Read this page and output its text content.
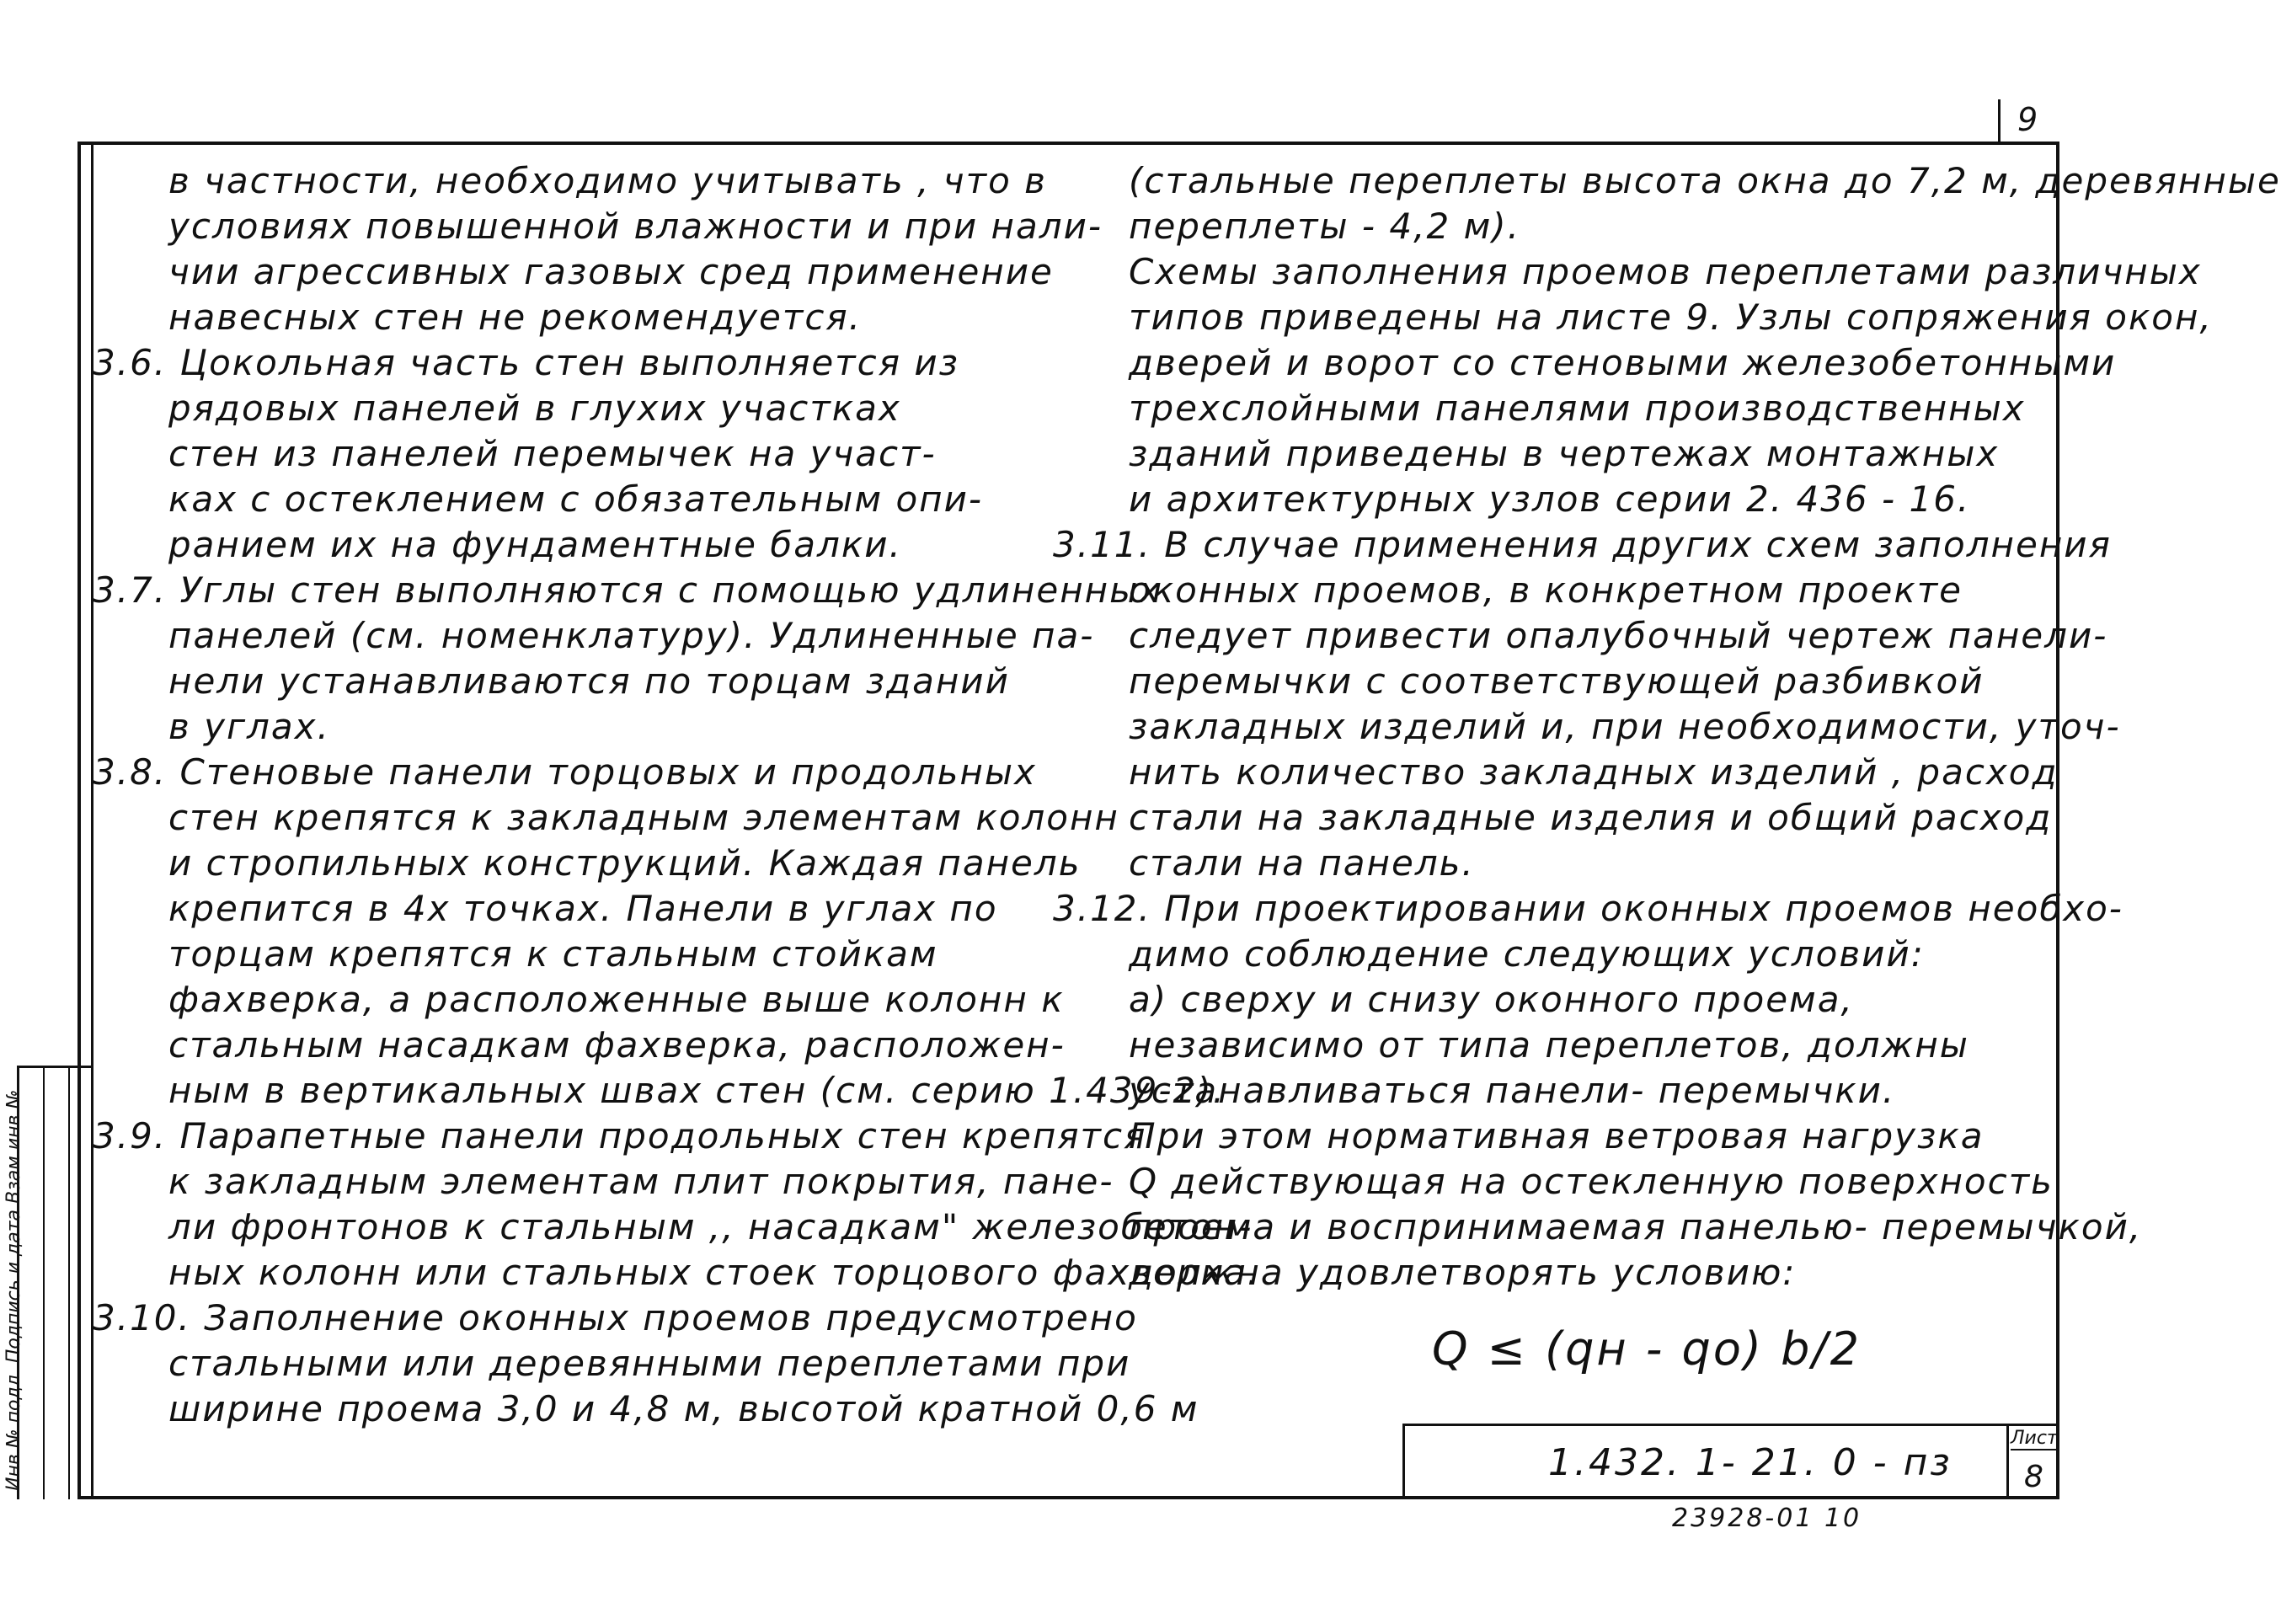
9
Инв.№ подл. Подпись и дата Взам.инв.№
в частности, необходимо учитывать , что в
условиях повышенной влажности и при нали-
чии агрессивных газовых сред применение
навесных стен не рекомендуется.
3.6. Цокольная часть стен выполняется из
рядовых панелей в глухих участках
стен из панелей перемычек на участ-
ках с остеклением с обязательным опи-
ранием их на фундаментные балки.
3.7. Углы стен выполняются с помощью удлиненных
панелей (см. номенклатуру). Удлиненные па-
нели устанавливаются по торцам зданий
в углах.
3.8. Стеновые панели торцовых и продольных
стен крепятся к закладным элементам колонн
и стропильных конструкций. Каждая панель
крепится в 4х точках. Панели в углах по
торцам крепятся к стальным стойкам
фахверка, а расположенные выше колонн к
стальным насадкам фахверка, расположен-
ным в вертикальных швах стен (см. серию 1.439-2).
3.9. Парапетные панели продольных стен крепятся
к закладным элементам плит покрытия, пане-
ли фронтонов к стальным ,, насадкам" железобетон-
ных колонн или стальных стоек торцового фахверка.
3.10. Заполнение оконных проемов предусмотрено
стальными или деревянными переплетами при
ширине проема 3,0 и 4,8 м, высотой кратной 0,6 м
(стальные переплеты высота окна до 7,2 м, деревянные
переплеты - 4,2 м).
Схемы заполнения проемов переплетами различных
типов приведены на листе 9. Узлы сопряжения окон,
дверей и ворот со стеновыми железобетонными
трехслойными панелями производственных
зданий приведены в чертежах монтажных
и архитектурных узлов серии 2. 436 - 16.
3.11. В случае применения других схем заполнения
оконных проемов, в конкретном проекте
следует привести опалубочный чертеж панели-
перемычки с соответствующей разбивкой
закладных изделий и, при необходимости, уточ-
нить количество закладных изделий , расход
стали на закладные изделия и общий расход
стали на панель.
3.12. При проектировании оконных проемов необхо-
димо соблюдение следующих условий:
а) сверху и снизу оконного проема,
независимо от типа переплетов, должны
устанавливаться панели- перемычки.
При этом нормативная ветровая нагрузка
Q действующая на остекленную поверхность
проема и воспринимаемая панелью- перемычкой,
должна удовлетворять условию:
Q ≤ (qн - qo) b/2
1.432. 1- 21. 0 - пз
Лист
8
23928-01 10
